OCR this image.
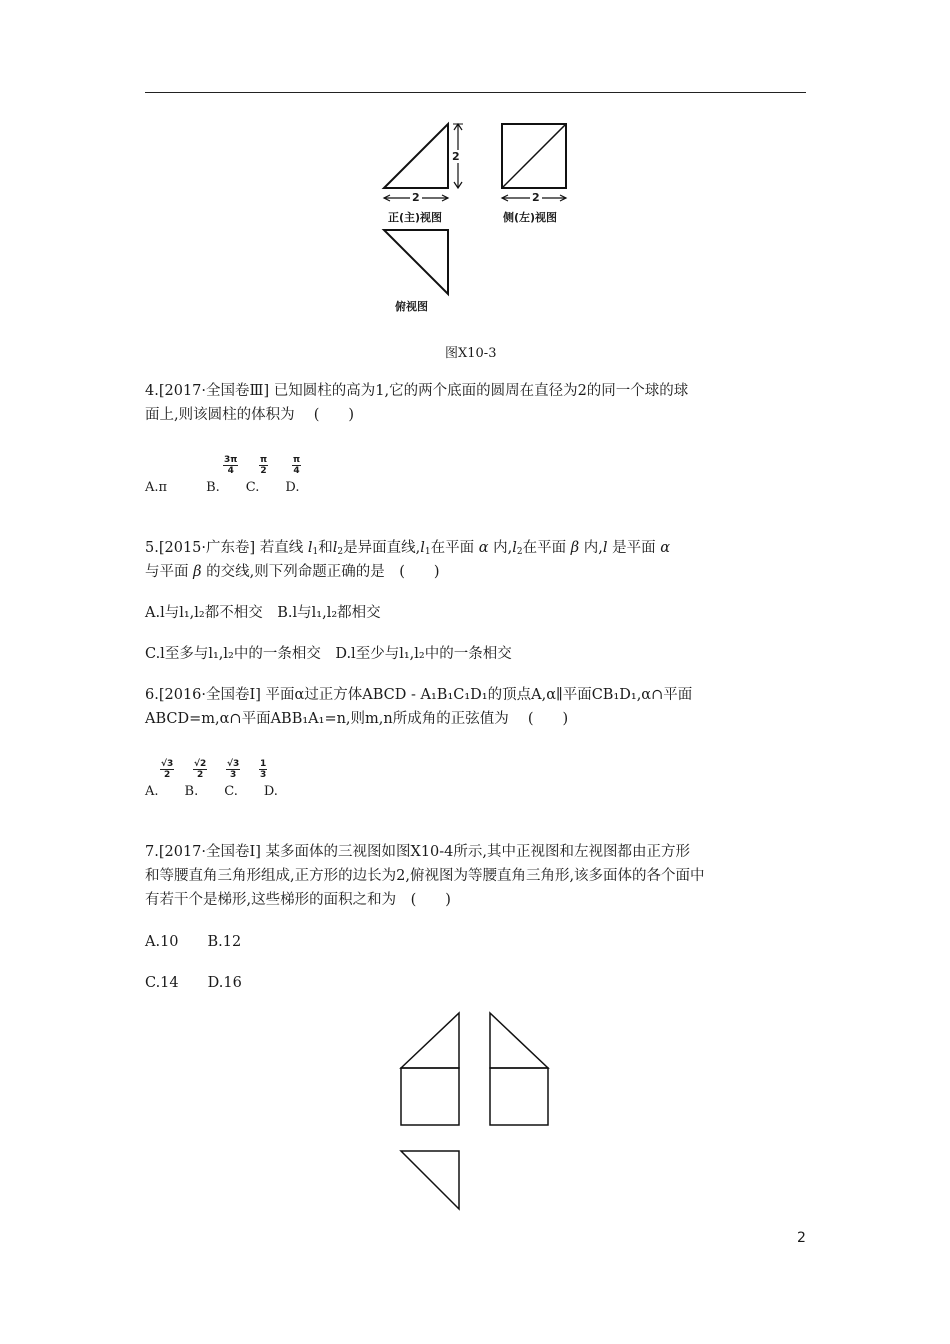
2
2
正(主)视图
2
侧(左)视图
俯视图
图X10-3
4.[2017·全国卷Ⅲ] 已知圆柱的高为1,它的两个底面的圆周在直径为2的同一个球的球
面上,则该圆柱的体积为　 (　　)
A.π   B.  C.  D.
$\frac{3\pi}{4} \frac{\pi}{2}$	$\frac{\pi}{4}$
5.[2015·广东卷] 若直线 $l_1$和$l_2$是异面直线$,l_1$在平面 α 内$,l_2$在平面 β 内,l 是平面 α
与平面 β 的交线,则下列命题正确的是　(　　)
A.l与l₁,l₂都不相交 B.l与l₁,l₂都相交
C.l至多与l₁,l₂中的一条相交 D.l至少与l₁,l₂中的一条相交
6.[2016·全国卷Ⅰ] 平面α过正方体ABCD - A₁B₁C₁D₁的顶点A,α∥平面CB₁D₁,α∩平面
ABCD=m,α∩平面ABB₁A₁=n,则m,n所成角的正弦值为　 (　　)
A.  B.  C.  D.
$\frac{√3}{2} \frac{√2}{2} \frac{√3}{3} \frac{1}{3}$
7.[2017·全国卷Ⅰ] 某多面体的三视图如图X10-4所示,其中正视图和左视图都由正方形
和等腰直角三角形组成,正方形的边长为2,俯视图为等腰直角三角形,该多面体的各个面中
有若干个是梯形,这些梯形的面积之和为　(　　)
A.10  B.12
C.14  D.16
2
